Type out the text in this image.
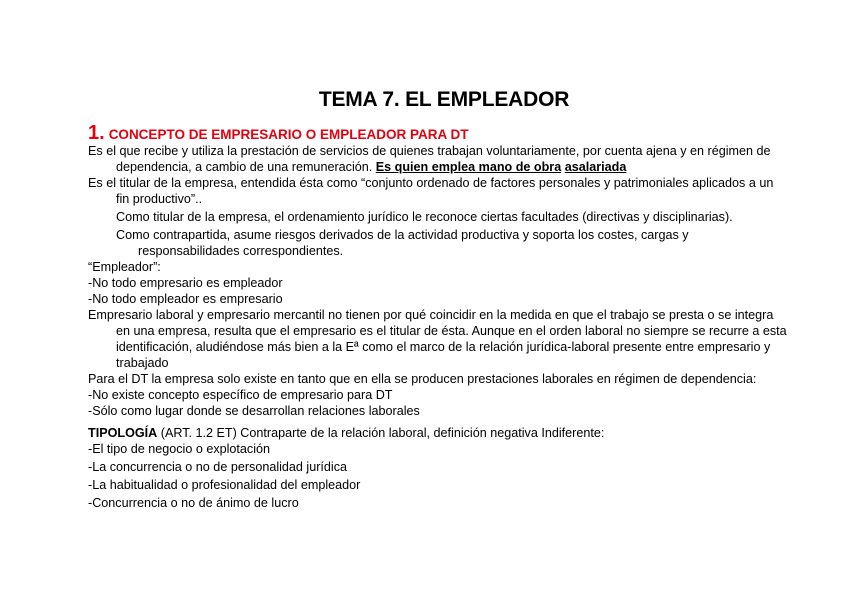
TEMA 7. EL EMPLEADOR
1. CONCEPTO DE EMPRESARIO O EMPLEADOR PARA DT

Es el que recibe y utiliza la prestación de servicios de quienes trabajan voluntariamente, por cuenta ajena y en régimen de dependencia, a cambio de una remuneración. Es quien emplea mano de obra asalariada

Es el titular de la empresa, entendida ésta como “conjunto ordenado de factores personales y patrimoniales aplicados a un fin productivo”..

Como titular de la empresa, el ordenamiento jurídico le reconoce ciertas facultades (directivas y disciplinarias).

Como contrapartida, asume riesgos derivados de la actividad productiva y soporta los costes, cargas y responsabilidades correspondientes.

“Empleador”:

-No todo empresario es empleador

-No todo empleador es empresario

Empresario laboral y empresario mercantil no tienen por qué coincidir en la medida en que el trabajo se presta o se integra en una empresa, resulta que el empresario es el titular de ésta. Aunque en el orden laboral no siempre se recurre a esta identificación, aludiéndose más bien a la Eª como el marco de la relación jurídica-laboral presente entre empresario y trabajado

Para el DT la empresa solo existe en tanto que en ella se producen prestaciones laborales en régimen de dependencia:

-No existe concepto específico de empresario para DT

-Sólo como lugar donde se desarrollan relaciones laborales

TIPOLOGÍA (ART. 1.2 ET) Contraparte de la relación laboral, definición negativa Indiferente:

-El tipo de negocio o explotación

-La concurrencia o no de personalidad jurídica

-La habitualidad o profesionalidad del empleador

-Concurrencia o no de ánimo de lucro
